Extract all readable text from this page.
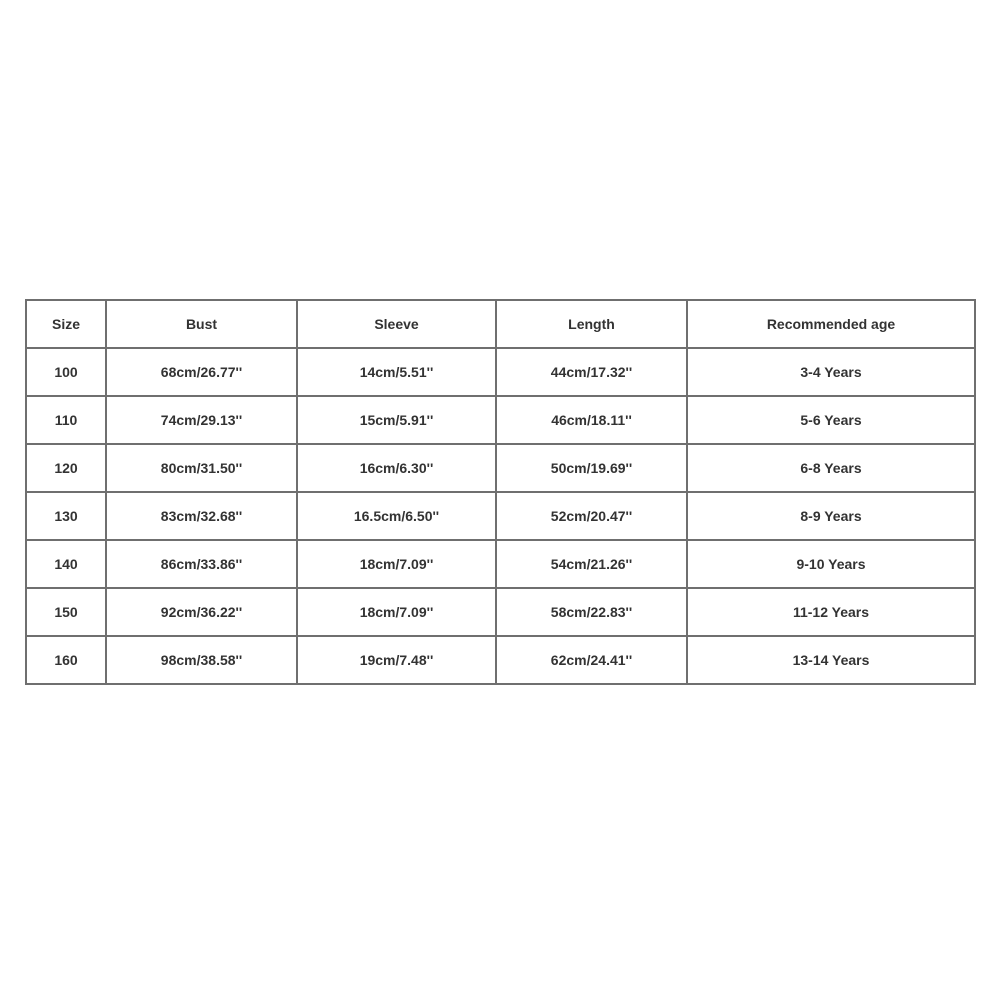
Size	Bust	Sleeve	Length	Recommended age
100	68cm/26.77''	14cm/5.51''	44cm/17.32''	3-4 Years
110	74cm/29.13''	15cm/5.91''	46cm/18.11''	5-6 Years
120	80cm/31.50''	16cm/6.30''	50cm/19.69''	6-8 Years
130	83cm/32.68''	16.5cm/6.50''	52cm/20.47''	8-9 Years
140	86cm/33.86''	18cm/7.09''	54cm/21.26''	9-10 Years
150	92cm/36.22''	18cm/7.09''	58cm/22.83''	11-12 Years
160	98cm/38.58''	19cm/7.48''	62cm/24.41''	13-14 Years
